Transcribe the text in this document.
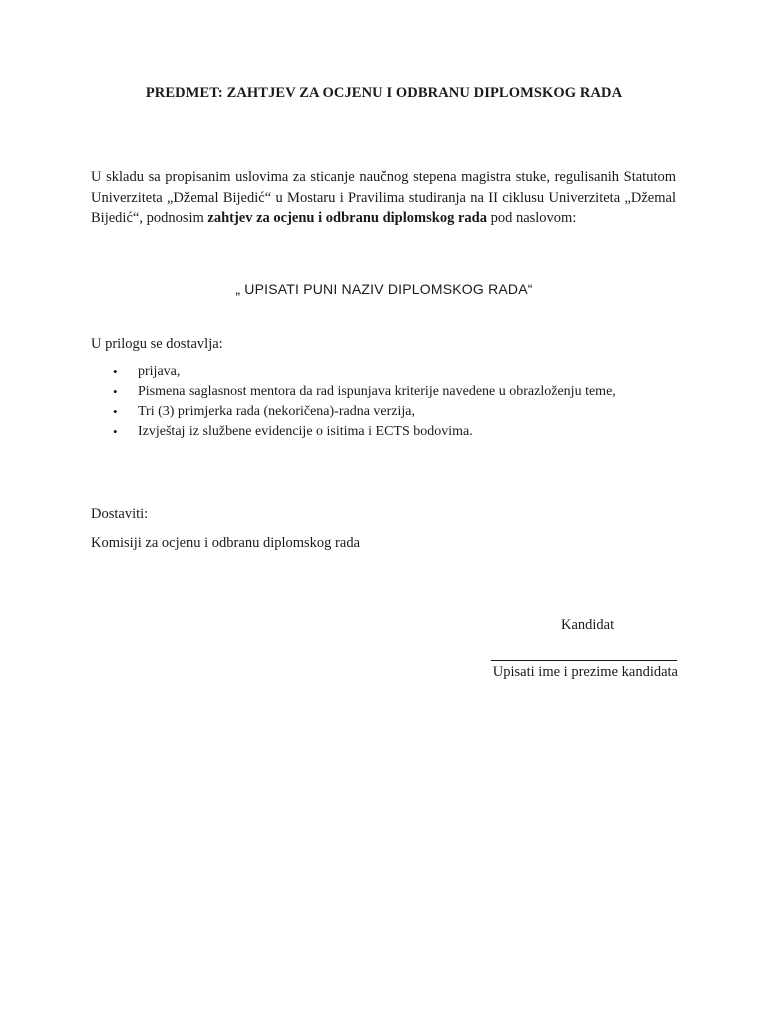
PREDMET: ZAHTJEV ZA OCJENU I ODBRANU DIPLOMSKOG RADA
U skladu sa propisanim uslovima za sticanje naučnog stepena magistra stuke, regulisanih Statutom Univerziteta „Džemal Bijedić“ u Mostaru i Pravilima studiranja na II ciklusu Univerziteta „Džemal Bijedić“, podnosim zahtjev za ocjenu i odbranu diplomskog rada pod naslovom:
„ UPISATI PUNI NAZIV DIPLOMSKOG RADA“
U prilogu se dostavlja:
• prijava,
• Pismena saglasnost mentora da rad ispunjava kriterije navedene u obrazloženju teme,
• Tri (3) primjerka rada (nekoričena)-radna verzija,
• Izvještaj iz službene evidencije o isitima i ECTS bodovima.
Dostaviti:
Komisiji za ocjenu i odbranu diplomskog rada
Kandidat
Upisati ime i prezime kandidata
